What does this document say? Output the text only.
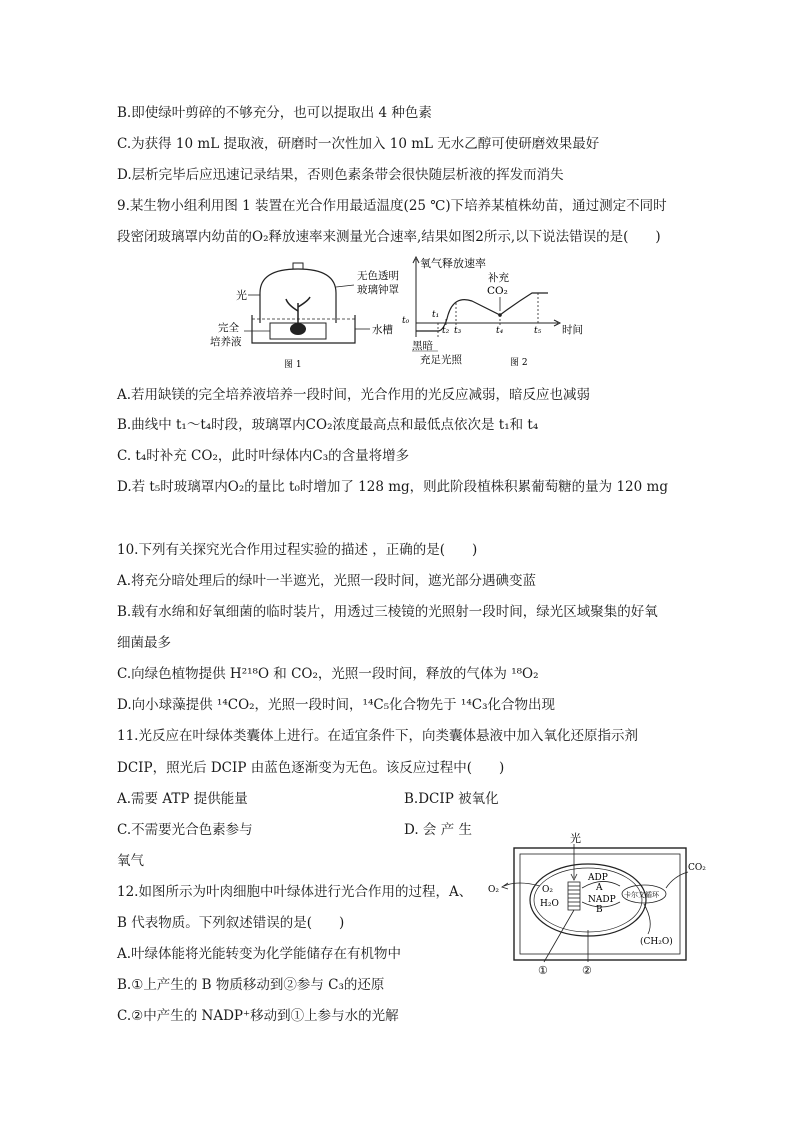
B.即使绿叶剪碎的不够充分，也可以提取出 4 种色素
C.为获得 10 mL 提取液，研磨时一次性加入 10 mL 无水乙醇可使研磨效果最好
D.层析完毕后应迅速记录结果，否则色素条带会很快随层析液的挥发而消失
9.某生物小组利用图 1 装置在光合作用最适温度(25 ℃)下培养某植株幼苗，通过测定不同时
段密闭玻璃罩内幼苗的O₂释放速率来测量光合速率,结果如图2所示,以下说法错误的是(　　)
光
无色透明
玻璃钟罩
完全
培养液
水槽
图 1
氧气释放速率
补充
CO₂
t₀
t₁
t₂ t₃	t₄	t₅ 时间
黑暗
充足光照	图 2
A.若用缺镁的完全培养液培养一段时间，光合作用的光反应减弱，暗反应也减弱
B.曲线中 t₁～t₄时段，玻璃罩内CO₂浓度最高点和最低点依次是 t₁和 t₄
C. t₄时补充 CO₂，此时叶绿体内C₃的含量将增多
D.若 t₅时玻璃罩内O₂的量比 t₀时增加了 128 mg，则此阶段植株积累葡萄糖的量为 120 mg
10.下列有关探究光合作用过程实验的描述 ，正确的是(　　)
A.将充分暗处理后的绿叶一半遮光，光照一段时间，遮光部分遇碘变蓝
B.载有水绵和好氧细菌的临时装片，用透过三棱镜的光照射一段时间，绿光区域聚集的好氧
细菌最多
C.向绿色植物提供 H²¹⁸O 和 CO₂，光照一段时间，释放的气体为 ¹⁸O₂
D.向小球藻提供 ¹⁴CO₂，光照一段时间，¹⁴C₅化合物先于 ¹⁴C₃化合物出现
11.光反应在叶绿体类囊体上进行。在适宜条件下，向类囊体悬液中加入氧化还原指示剂
DCIP，照光后 DCIP 由蓝色逐渐变为无色。该反应过程中(　　)
A.需要 ATP 提供能量	B.DCIP 被氧化
C.不需要光合色素参与	D. 会 产 生
氧气
12.如图所示为叶肉细胞中叶绿体进行光合作用的过程，A、
B 代表物质。下列叙述错误的是(　　)
A.叶绿体能将光能转变为化学能储存在有机物中
B.①上产生的 B 物质移动到②参与 C₃的还原
C.②中产生的 NADP⁺移动到①上参与水的光解
光
O₂	O₂
H₂O
ADP
A
NADP
B
卡尔文循环
CO₂
(CH₂O)
①	②
